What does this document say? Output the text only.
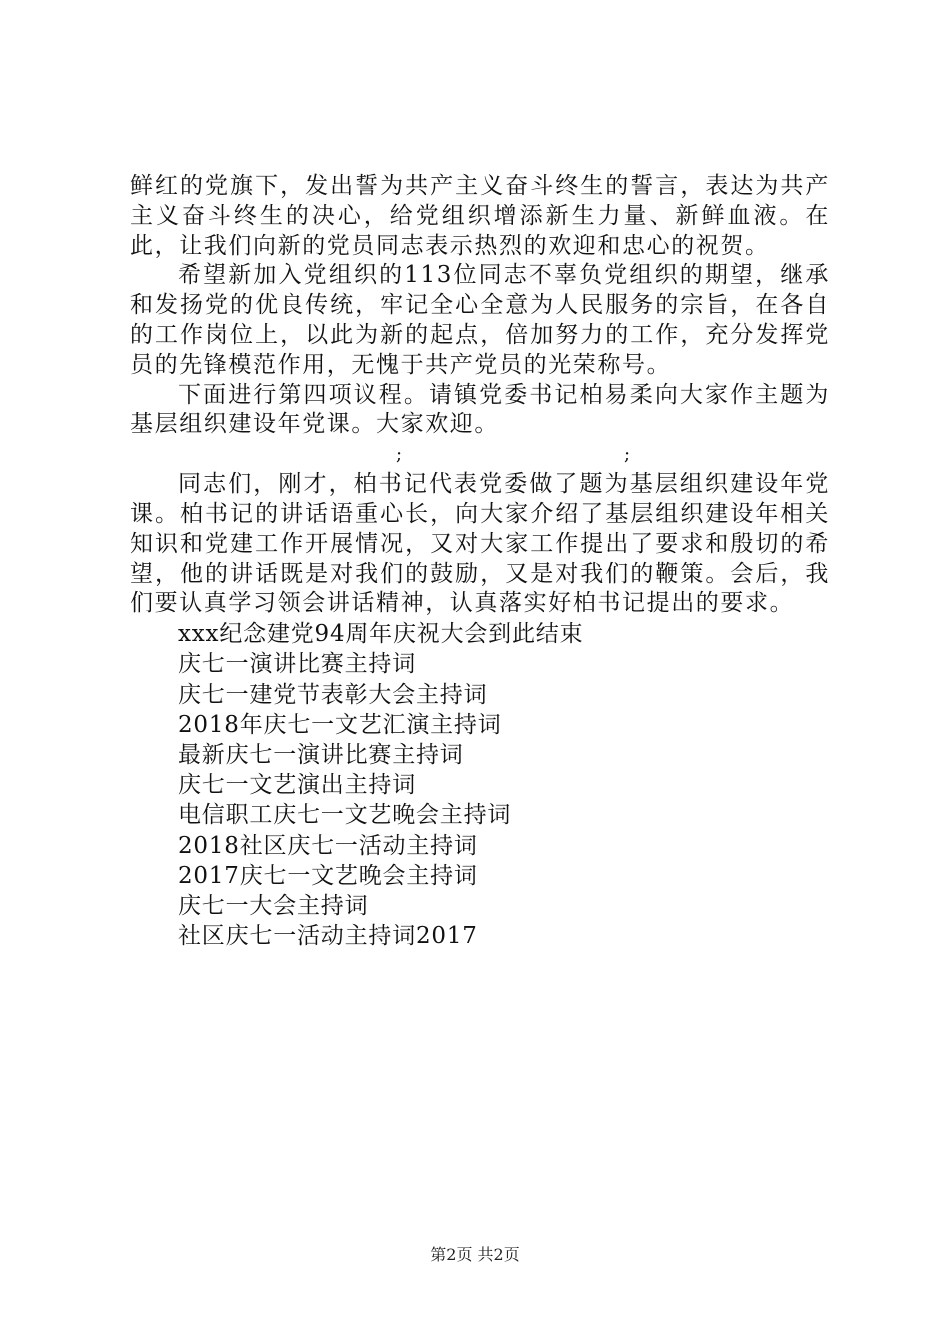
鲜红的党旗下，发出誓为共产主义奋斗终生的誓言，表达为共产主义奋斗终生的决心，给党组织增添新生力量、新鲜血液。在此，让我们向新的党员同志表示热烈的欢迎和忠心的祝贺。

希望新加入党组织的113位同志不辜负党组织的期望，继承和发扬党的优良传统，牢记全心全意为人民服务的宗旨，在各自的工作岗位上，以此为新的起点，倍加努力的工作，充分发挥党员的先锋模范作用，无愧于共产党员的光荣称号。

下面进行第四项议程。请镇党委书记柏易柔向大家作主题为基层组织建设年党课。大家欢迎。

;	;

同志们，刚才，柏书记代表党委做了题为基层组织建设年党课。柏书记的讲话语重心长，向大家介绍了基层组织建设年相关知识和党建工作开展情况，又对大家工作提出了要求和殷切的希望，他的讲话既是对我们的鼓励，又是对我们的鞭策。会后，我们要认真学习领会讲话精神，认真落实好柏书记提出的要求。

xxx纪念建党94周年庆祝大会到此结束
庆七一演讲比赛主持词
庆七一建党节表彰大会主持词
2018年庆七一文艺汇演主持词
最新庆七一演讲比赛主持词
庆七一文艺演出主持词
电信职工庆七一文艺晚会主持词
2018社区庆七一活动主持词
2017庆七一文艺晚会主持词
庆七一大会主持词
社区庆七一活动主持词2017
第2页 共2页
